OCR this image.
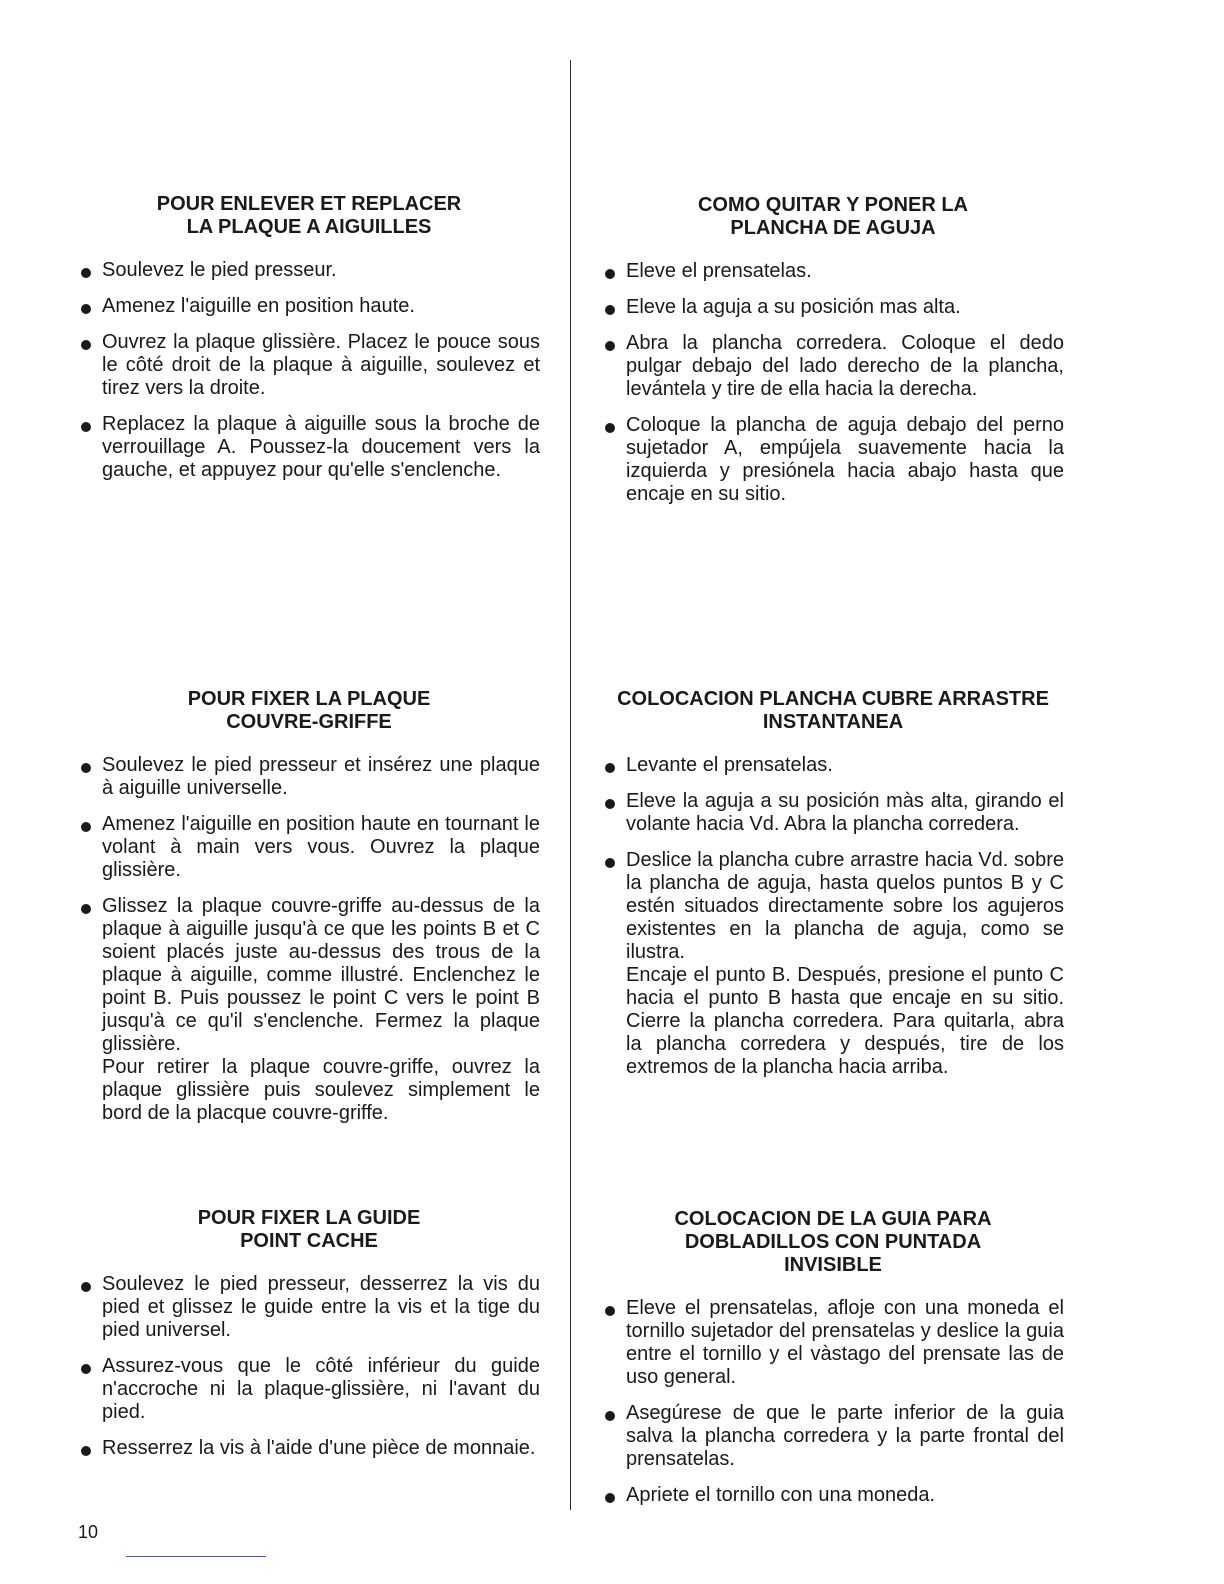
POUR ENLEVER ET REPLACER
LA PLAQUE A AIGUILLES
Soulevez le pied presseur.
Amenez l'aiguille en position haute.
Ouvrez la plaque glissière. Placez le pouce sous le côté droit de la plaque à aiguille, soulevez et tirez vers la droite.
Replacez la plaque à aiguille sous la broche de verrouillage A. Poussez-la doucement vers la gauche, et appuyez pour qu'elle s'enclenche.
POUR FIXER LA PLAQUE
COUVRE-GRIFFE
Soulevez le pied presseur et insérez une plaque à aiguille universelle.
Amenez l'aiguille en position haute en tournant le volant à main vers vous. Ouvrez la plaque glissière.
Glissez la plaque couvre-griffe au-dessus de la plaque à aiguille jusqu'à ce que les points B et C soient placés juste au-dessus des trous de la plaque à aiguille, comme illustré. Enclenchez le point B. Puis poussez le point C vers le point B jusqu'à ce qu'il s'enclenche. Fermez la plaque glissière.
Pour retirer la plaque couvre-griffe, ouvrez la plaque glissière puis soulevez simplement le bord de la placque couvre-griffe.
POUR FIXER LA GUIDE
POINT CACHE
Soulevez le pied presseur, desserrez la vis du pied et glissez le guide entre la vis et la tige du pied universel.
Assurez-vous que le côté inférieur du guide n'accroche ni la plaque-glissière, ni l'avant du pied.
Resserrez la vis à l'aide d'une pièce de monnaie.
COMO QUITAR Y PONER LA
PLANCHA DE AGUJA
Eleve el prensatelas.
Eleve la aguja a su posición mas alta.
Abra la plancha corredera. Coloque el dedo pulgar debajo del lado derecho de la plancha, levántela y tire de ella hacia la derecha.
Coloque la plancha de aguja debajo del perno sujetador A, empújela suavemente hacia la izquierda y presiónela hacia abajo hasta que encaje en su sitio.
COLOCACION PLANCHA CUBRE ARRASTRE
INSTANTANEA
Levante el prensatelas.
Eleve la aguja a su posición màs alta, girando el volante hacia Vd. Abra la plancha corredera.
Deslice la plancha cubre arrastre hacia Vd. sobre la plancha de aguja, hasta quelos puntos B y C estén situados directamente sobre los agujeros existentes en la plancha de aguja, como se ilustra.
Encaje el punto B. Después, presione el punto C hacia el punto B hasta que encaje en su sitio. Cierre la plancha corredera. Para quitarla, abra la plancha corredera y después, tire de los extremos de la plancha hacia arriba.
COLOCACION DE LA GUIA PARA
DOBLADILLOS CON PUNTADA
INVISIBLE
Eleve el prensatelas, afloje con una moneda el tornillo sujetador del prensatelas y deslice la guia entre el tornillo y el vàstago del prensate las de uso general.
Asegúrese de que le parte inferior de la guia salva la plancha corredera y la parte frontal del prensatelas.
Apriete el tornillo con una moneda.
10
